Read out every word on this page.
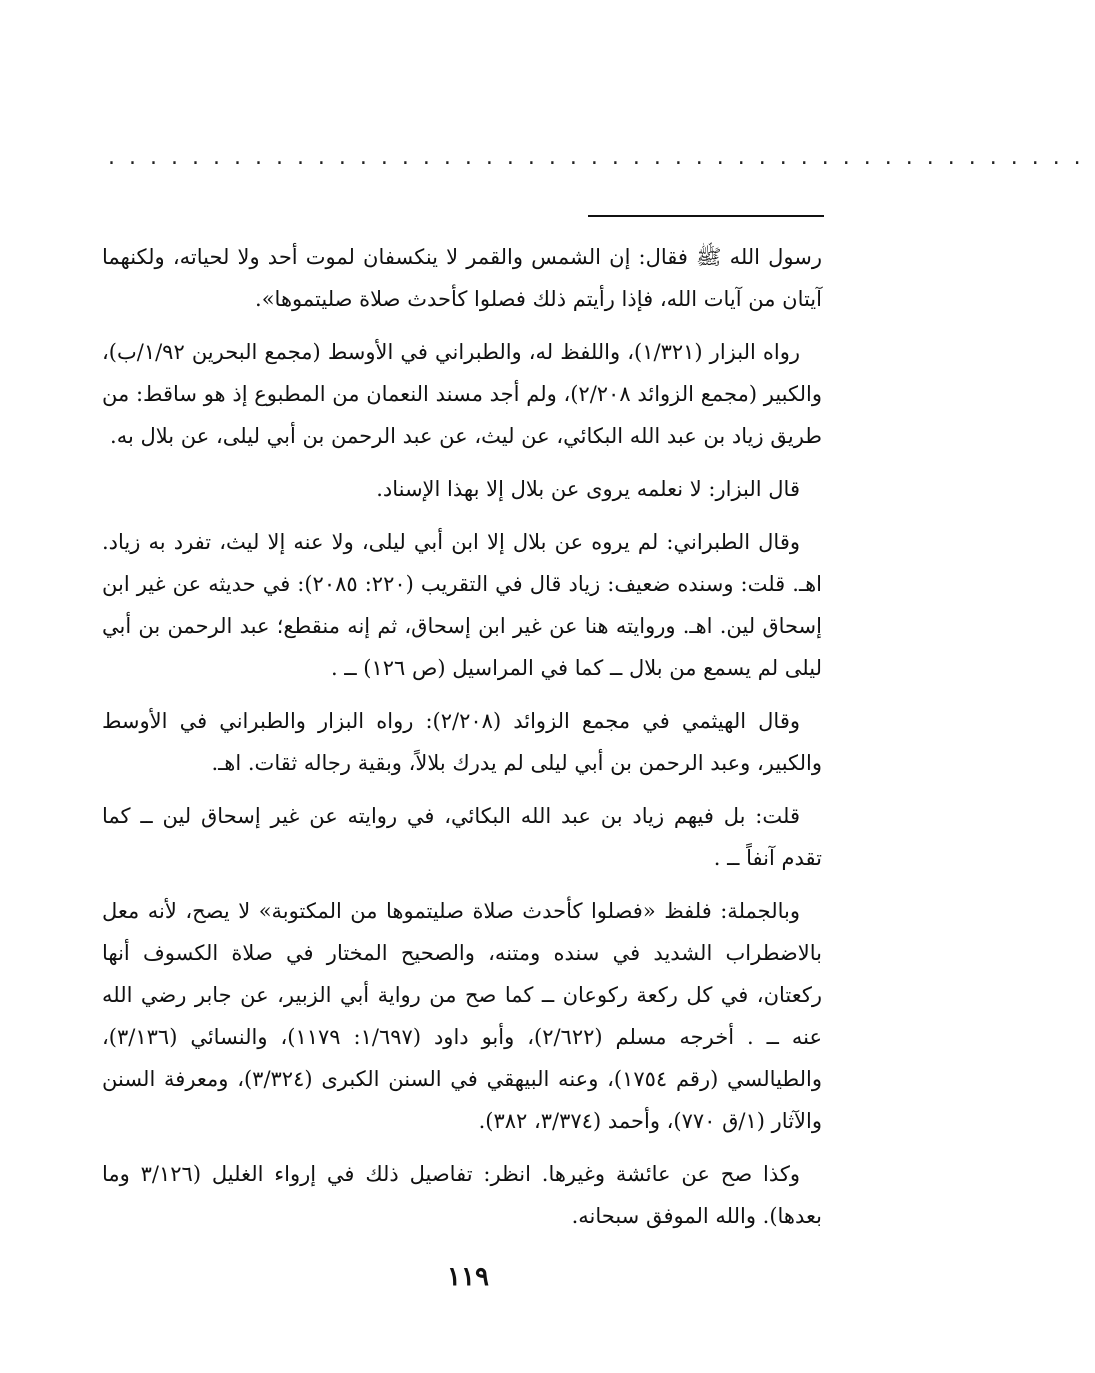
...............................................

رسول الله ﷺ فقال: إن الشمس والقمر لا ينكسفان لموت أحد ولا لحياته، ولكنهما آيتان من آيات الله، فإذا رأيتم ذلك فصلوا كأحدث صلاة صليتموها».

رواه البزار (١/٣٢١)، واللفظ له، والطبراني في الأوسط (مجمع البحرين ١/٩٢/ب)، والكبير (مجمع الزوائد ٢/٢٠٨)، ولم أجد مسند النعمان من المطبوع إذ هو ساقط: من طريق زياد بن عبد الله البكائي، عن ليث، عن عبد الرحمن بن أبي ليلى، عن بلال به.

قال البزار: لا نعلمه يروى عن بلال إلا بهذا الإسناد.

وقال الطبراني: لم يروه عن بلال إلا ابن أبي ليلى، ولا عنه إلا ليث، تفرد به زياد. اهـ. قلت: وسنده ضعيف: زياد قال في التقريب (٢٢٠: ٢٠٨٥): في حديثه عن غير ابن إسحاق لين. اهـ. وروايته هنا عن غير ابن إسحاق، ثم إنه منقطع؛ عبد الرحمن بن أبي ليلى لم يسمع من بلال ــ كما في المراسيل (ص ١٢٦) ــ .

وقال الهيثمي في مجمع الزوائد (٢/٢٠٨): رواه البزار والطبراني في الأوسط والكبير، وعبد الرحمن بن أبي ليلى لم يدرك بلالاً، وبقية رجاله ثقات. اهـ.

قلت: بل فيهم زياد بن عبد الله البكائي، في روايته عن غير إسحاق لين ــ كما تقدم آنفاً ــ .

وبالجملة: فلفظ «فصلوا كأحدث صلاة صليتموها من المكتوبة» لا يصح، لأنه معل بالاضطراب الشديد في سنده ومتنه، والصحيح المختار في صلاة الكسوف أنها ركعتان، في كل ركعة ركوعان ــ كما صح من رواية أبي الزبير، عن جابر رضي الله عنه ــ . أخرجه مسلم (٢/٦٢٢)، وأبو داود (١/٦٩٧: ١١٧٩)، والنسائي (٣/١٣٦)، والطيالسي (رقم ١٧٥٤)، وعنه البيهقي في السنن الكبرى (٣/٣٢٤)، ومعرفة السنن والآثار (١/ق ٧٧٠)، وأحمد (٣/٣٧٤، ٣٨٢).

وكذا صح عن عائشة وغيرها. انظر: تفاصيل ذلك في إرواء الغليل (٣/١٢٦ وما بعدها). والله الموفق سبحانه.

١١٩
